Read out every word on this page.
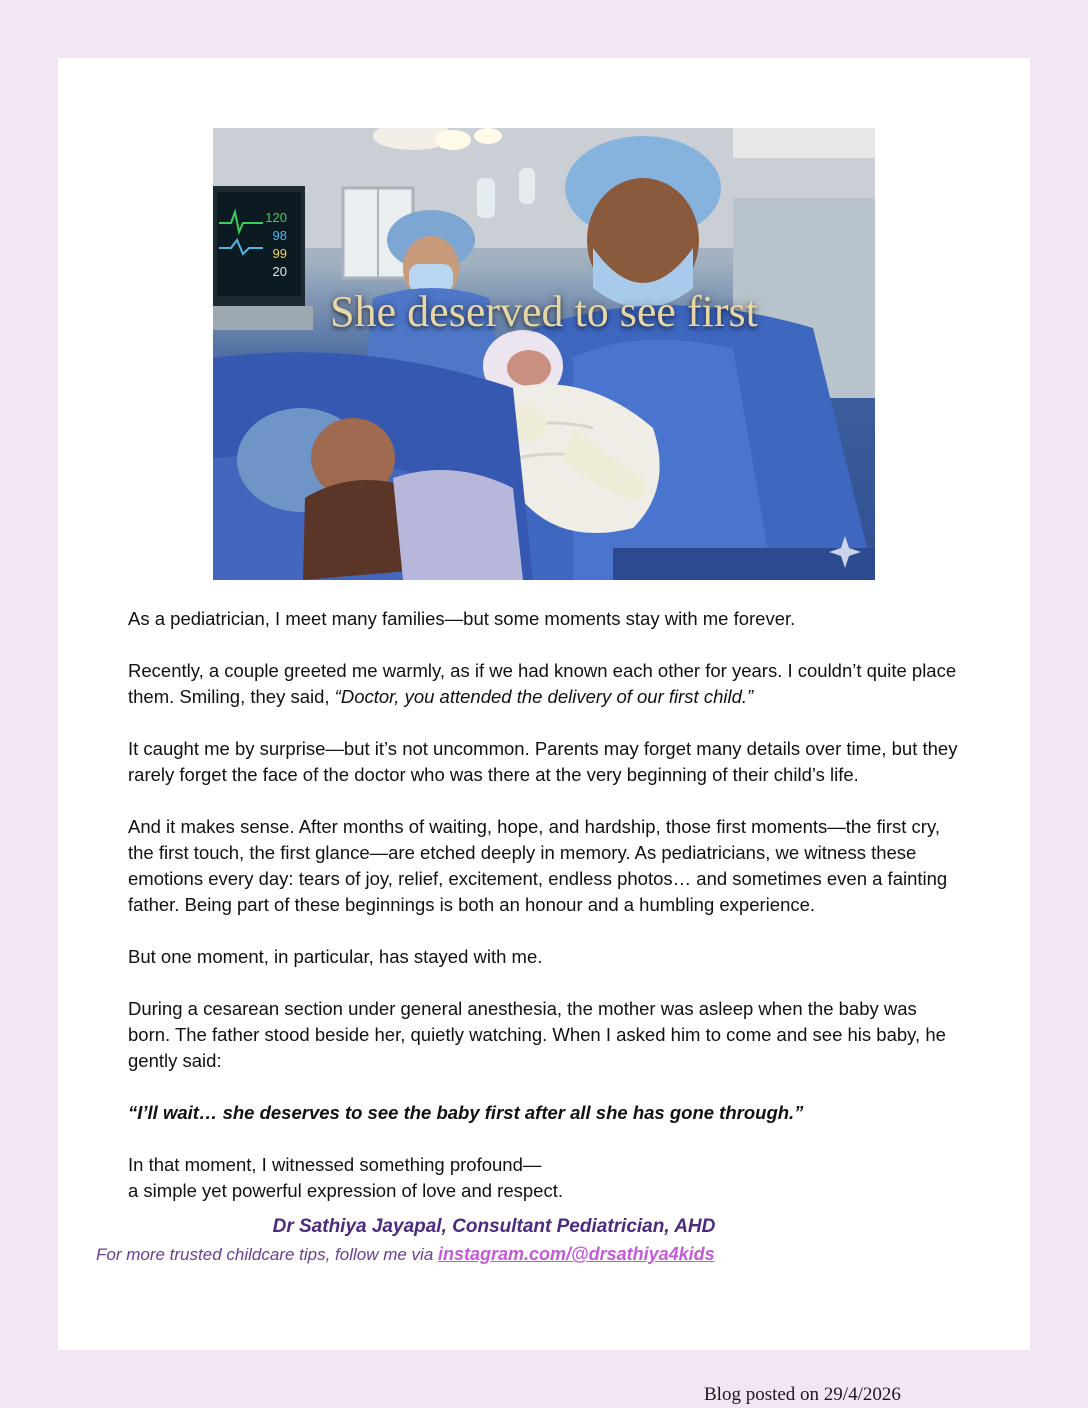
120
98
99
20
She deserved to see first

As a pediatrician, I meet many families—but some moments stay with me forever.

Recently, a couple greeted me warmly, as if we had known each other for years. I couldn’t quite place them. Smiling, they said, “Doctor, you attended the delivery of our first child.”

It caught me by surprise—but it’s not uncommon. Parents may forget many details over time, but they rarely forget the face of the doctor who was there at the very beginning of their child’s life.

And it makes sense. After months of waiting, hope, and hardship, those first moments—the first cry, the first touch, the first glance—are etched deeply in memory. As pediatricians, we witness these emotions every day: tears of joy, relief, excitement, endless photos… and sometimes even a fainting father. Being part of these beginnings is both an honour and a humbling experience.

But one moment, in particular, has stayed with me.

During a cesarean section under general anesthesia, the mother was asleep when the baby was born. The father stood beside her, quietly watching. When I asked him to come and see his baby, he gently said:

“I’ll wait… she deserves to see the baby first after all she has gone through.”

In that moment, I witnessed something profound—
a simple yet powerful expression of love and respect.

Dr Sathiya Jayapal, Consultant Pediatrician, AHD
For more trusted childcare tips, follow me via instagram.com/@drsathiya4kids
Blog posted on 29/4/2026
